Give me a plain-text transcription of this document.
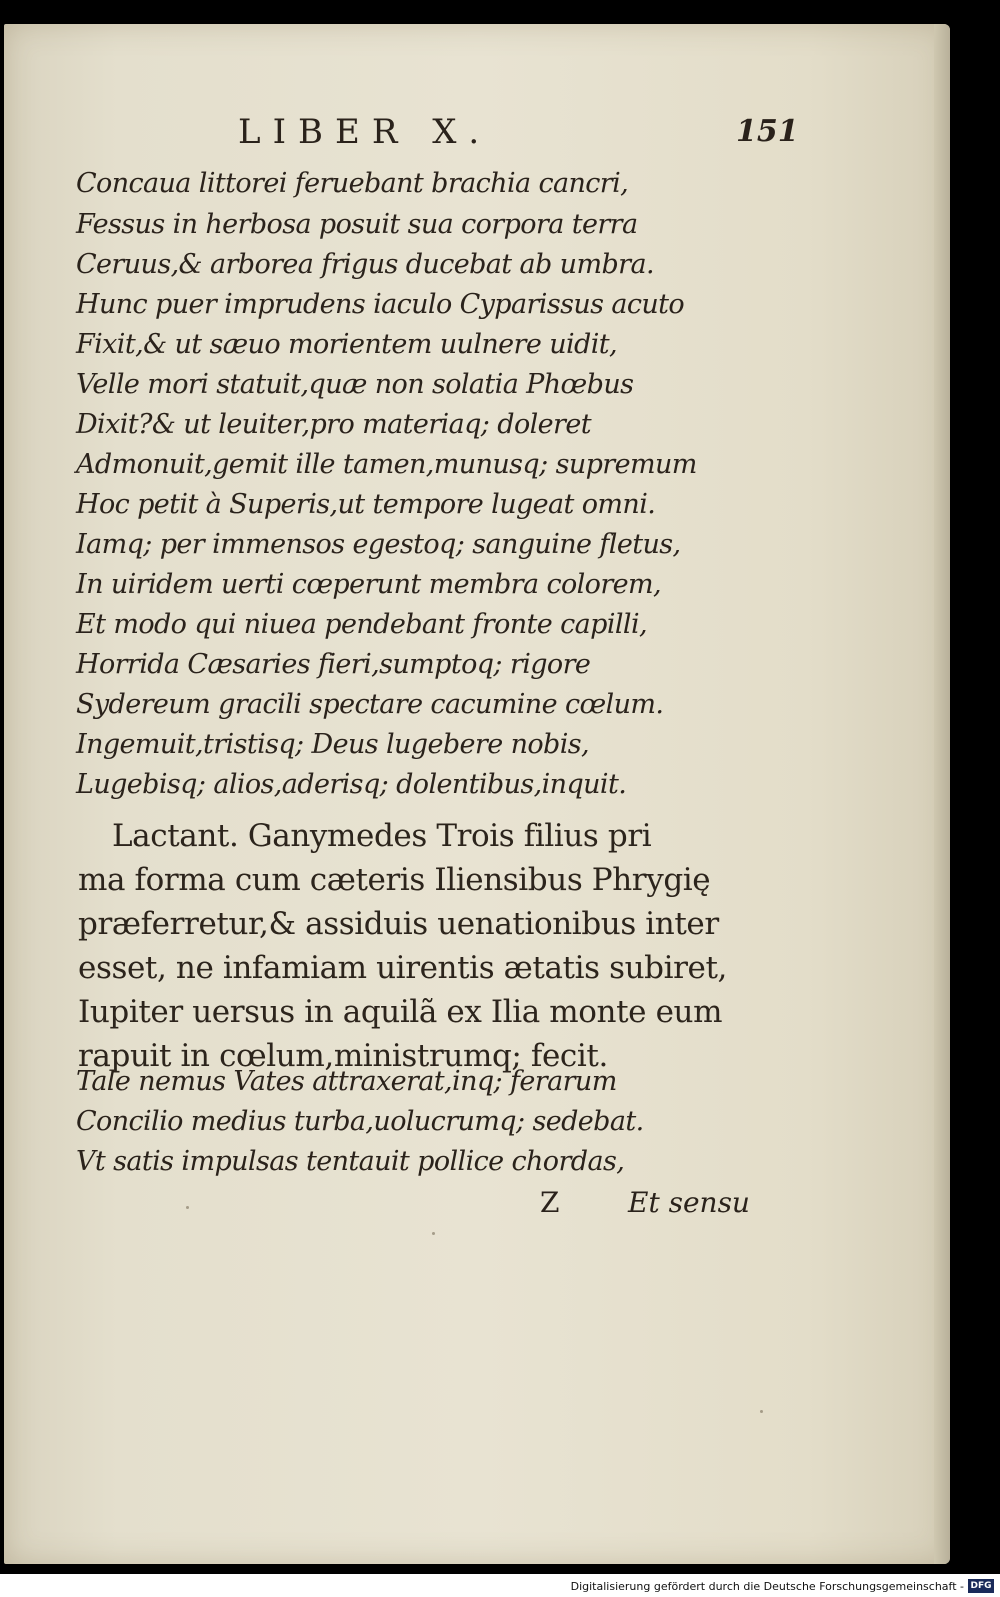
LIBER X.	151
Concaua littorei feruebant brachia cancri,
Fessus in herbosa posuit sua corpora terra
Ceruus,& arborea frigus ducebat ab umbra.
Hunc puer imprudens iaculo Cyparissus acuto
Fixit,& ut sæuo morientem uulnere uidit,
Velle mori statuit,quæ non solatia Phœbus
Dixit?& ut leuiter,pro materiaq; doleret
Admonuit,gemit ille tamen,munusq; supremum
Hoc petit à Superis,ut tempore lugeat omni.
Iamq; per immensos egestoq; sanguine fletus,
In uiridem uerti cœperunt membra colorem,
Et modo qui niuea pendebant fronte capilli,
Horrida Cæsaries fieri,sumptoq; rigore
Sydereum gracili spectare cacumine cœlum.
Ingemuit,tristisq; Deus lugebere nobis,
Lugebisq; alios,aderisq; dolentibus,inquit.
Lactant. Ganymedes Trois filius pri
ma forma cum cæteris Iliensibus Phrygię
præferretur,& assiduis uenationibus inter
esset, ne infamiam uirentis ætatis subiret,
Iupiter uersus in aquilã ex Ilia monte eum
rapuit in cœlum,ministrumq; fecit.
Tale nemus Vates attraxerat,inq; ferarum
Concilio medius turba,uolucrumq; sedebat.
Vt satis impulsas tentauit pollice chordas,
Z Et sensu
Digitalisierung gefördert durch die Deutsche Forschungsgemeinschaft - DFG
